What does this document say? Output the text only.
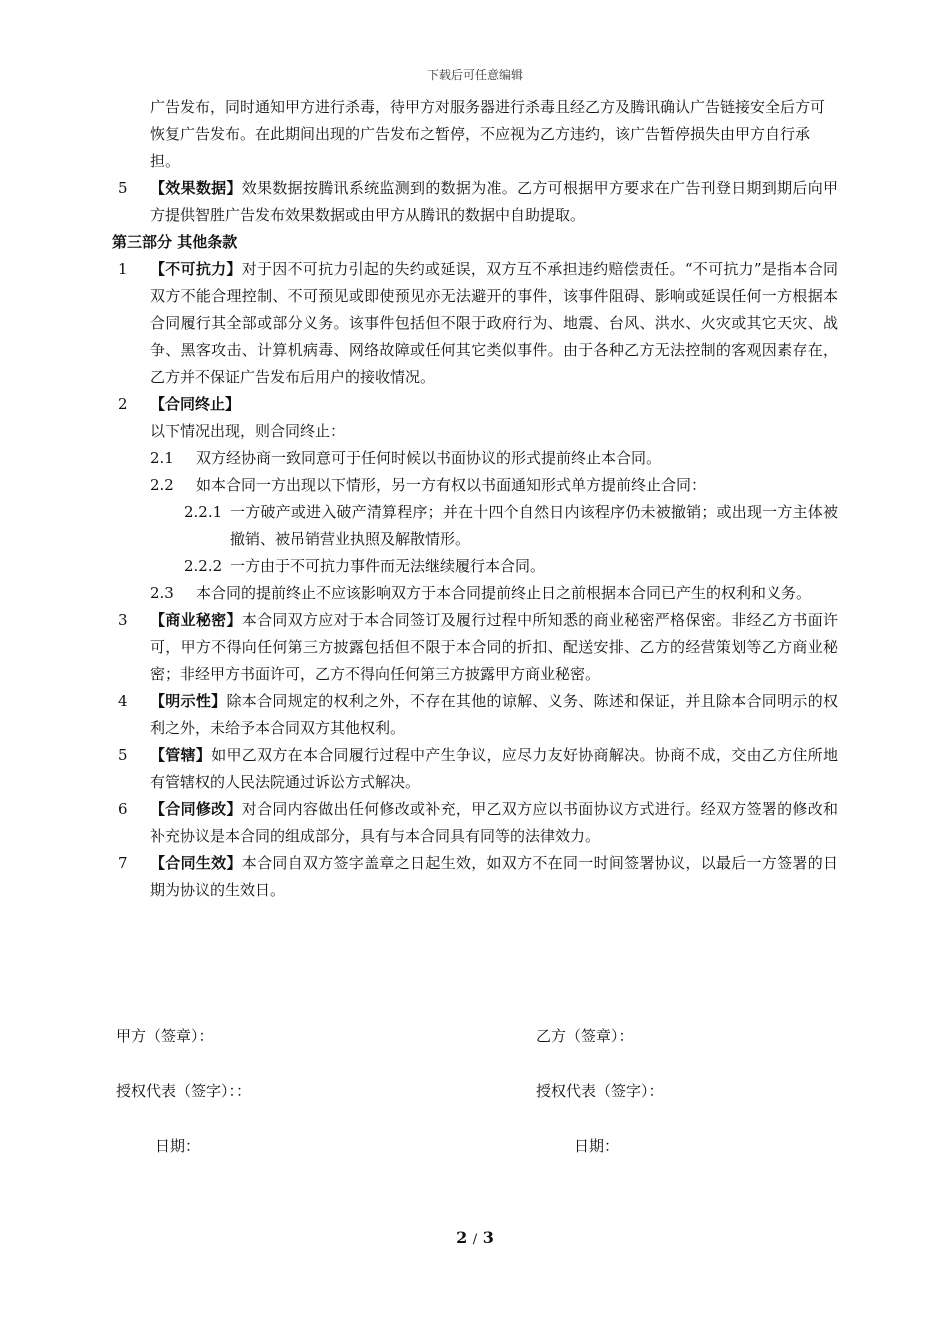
下载后可任意编辑

广告发布，同时通知甲方进行杀毒，待甲方对服务器进行杀毒且经乙方及腾讯确认广告链接安全后方可恢复广告发布。在此期间出现的广告发布之暂停，不应视为乙方违约，该广告暂停损失由甲方自行承担。

5	【效果数据】效果数据按腾讯系统监测到的数据为准。乙方可根据甲方要求在广告刊登日期到期后向甲方提供智胜广告发布效果数据或由甲方从腾讯的数据中自助提取。

第三部分 其他条款

1	【不可抗力】对于因不可抗力引起的失约或延误，双方互不承担违约赔偿责任。“不可抗力”是指本合同双方不能合理控制、不可预见或即使预见亦无法避开的事件，该事件阻碍、影响或延误任何一方根据本合同履行其全部或部分义务。该事件包括但不限于政府行为、地震、台风、洪水、火灾或其它天灾、战争、黑客攻击、计算机病毒、网络故障或任何其它类似事件。由于各种乙方无法控制的客观因素存在，乙方并不保证广告发布后用户的接收情况。
2	【合同终止】

以下情况出现，则合同终止：

2.1	双方经协商一致同意可于任何时候以书面协议的形式提前终止本合同。
2.2	如本合同一方出现以下情形，另一方有权以书面通知形式单方提前终止合同：
2.2.1 一方破产或进入破产清算程序；并在十四个自然日内该程序仍未被撤销；或出现一方主体被撤销、被吊销营业执照及解散情形。
2.2.2 一方由于不可抗力事件而无法继续履行本合同。
2.3	本合同的提前终止不应该影响双方于本合同提前终止日之前根据本合同已产生的权利和义务。
3	【商业秘密】本合同双方应对于本合同签订及履行过程中所知悉的商业秘密严格保密。非经乙方书面许可，甲方不得向任何第三方披露包括但不限于本合同的折扣、配送安排、乙方的经营策划等乙方商业秘密；非经甲方书面许可，乙方不得向任何第三方披露甲方商业秘密。
4	【明示性】除本合同规定的权利之外，不存在其他的谅解、义务、陈述和保证，并且除本合同明示的权利之外，未给予本合同双方其他权利。
5	【管辖】如甲乙双方在本合同履行过程中产生争议，应尽力友好协商解决。协商不成，交由乙方住所地有管辖权的人民法院通过诉讼方式解决。
6	【合同修改】对合同内容做出任何修改或补充，甲乙双方应以书面协议方式进行。经双方签署的修改和补充协议是本合同的组成部分，具有与本合同具有同等的法律效力。
7	【合同生效】本合同自双方签字盖章之日起生效，如双方不在同一时间签署协议，以最后一方签署的日期为协议的生效日。
甲方（签章）：	乙方（签章）：
授权代表（签字）：：	授权代表（签字）：
日期：	日期：
2 / 3
